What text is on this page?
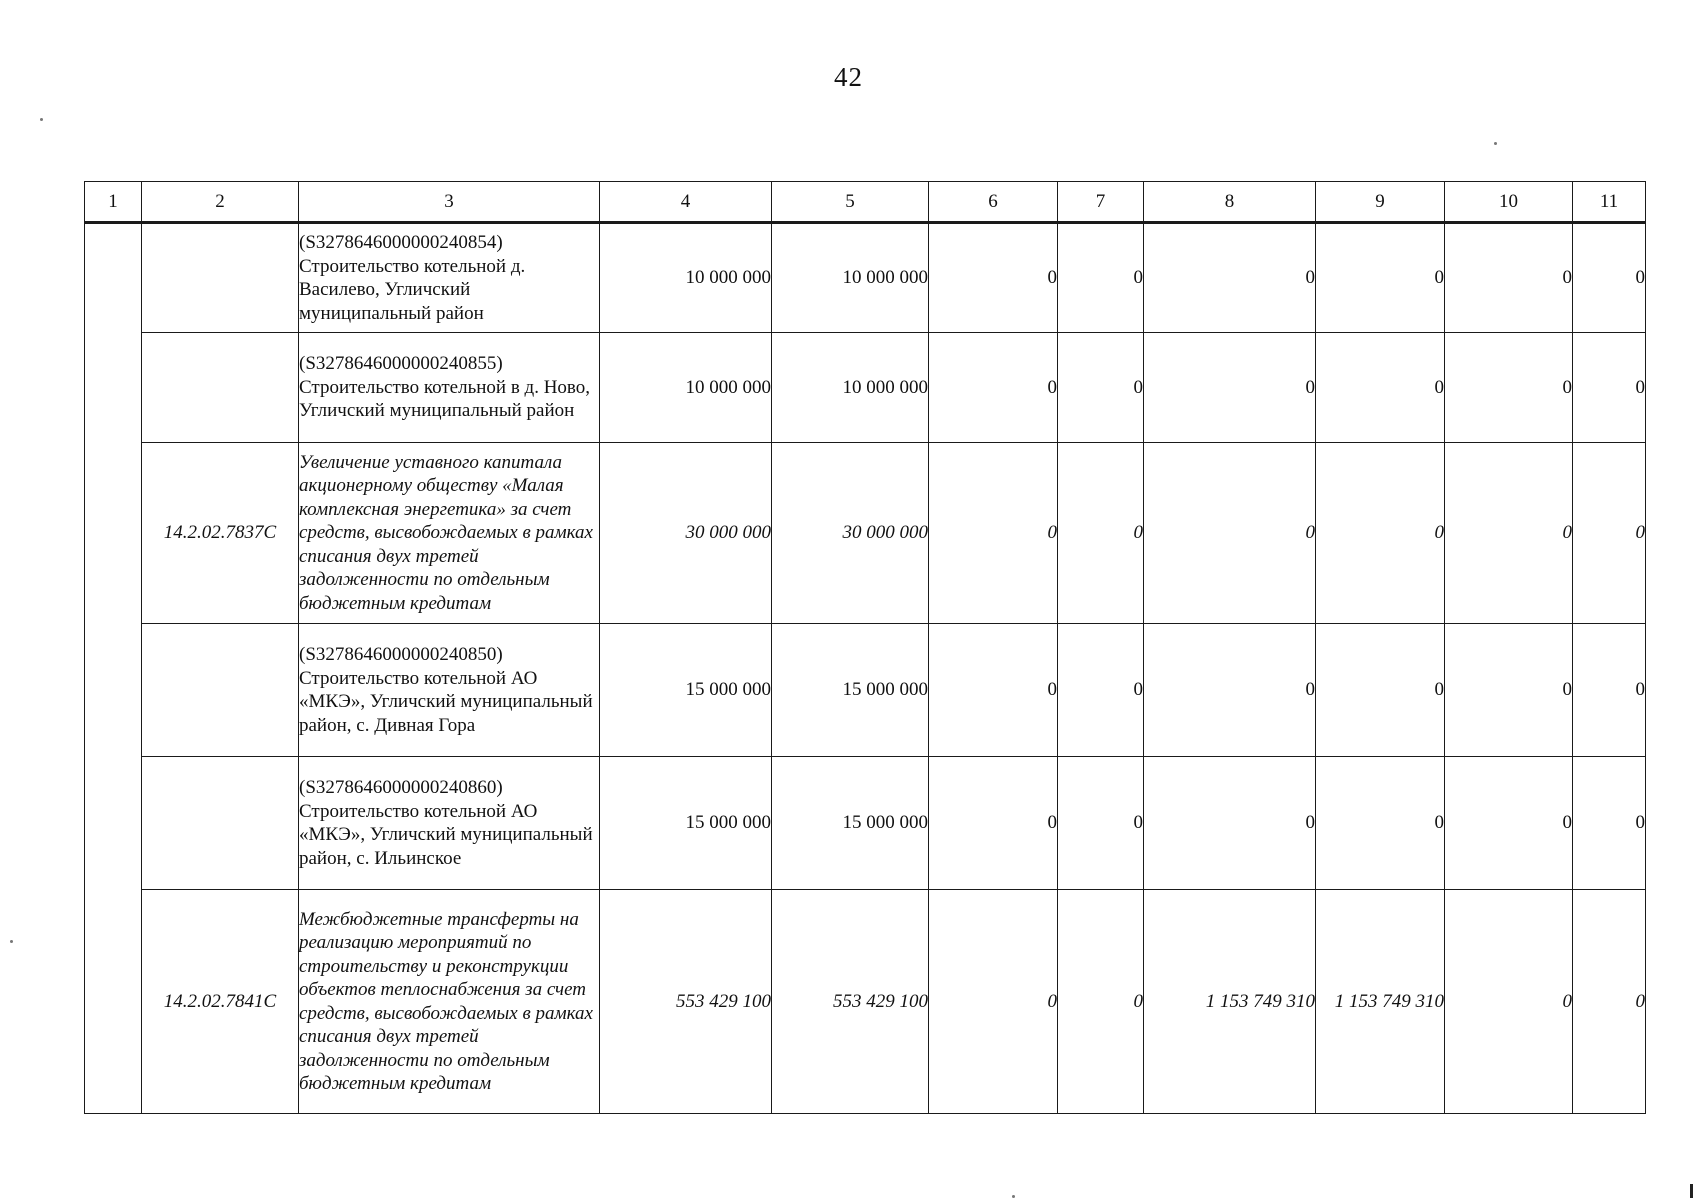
42
1	2	3	4	5	6	7	8	9	10	11
		(S3278646000000240854) Строительство котельной д. Василево, Угличский муниципальный район	10 000 000	10 000 000	0	0	0	0	0	0
		(S3278646000000240855) Строительство котельной в д. Ново, Угличский муниципальный район	10 000 000	10 000 000	0	0	0	0	0	0
	14.2.02.7837С	Увеличение уставного капитала акционерному обществу «Малая комплексная энергетика» за счет средств, высвобождаемых в рамках списания двух третей задолженности по отдельным бюджетным кредитам	30 000 000	30 000 000	0	0	0	0	0	0
		(S3278646000000240850) Строительство котельной АО «МКЭ», Угличский муниципальный район, с. Дивная Гора	15 000 000	15 000 000	0	0	0	0	0	0
		(S3278646000000240860) Строительство котельной АО «МКЭ», Угличский муниципальный район, с. Ильинское	15 000 000	15 000 000	0	0	0	0	0	0
	14.2.02.7841С	Межбюджетные трансферты на реализацию мероприятий по строительству и реконструкции объектов теплоснабжения за счет средств, высвобождаемых в рамках списания двух третей задолженности по отдельным бюджетным кредитам	553 429 100	553 429 100	0	0	1 153 749 310	1 153 749 310	0	0
